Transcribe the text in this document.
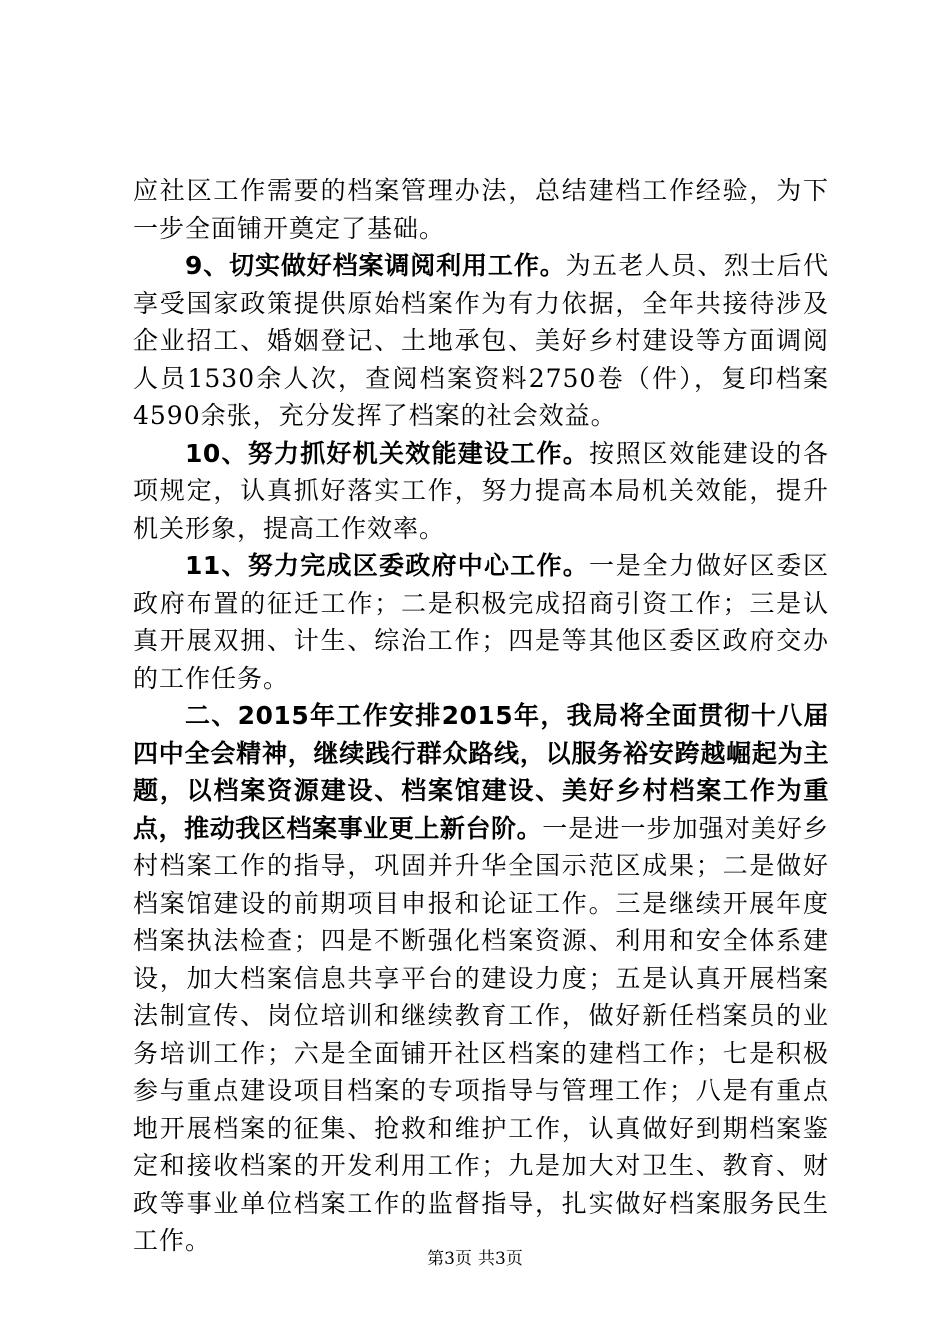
应社区工作需要的档案管理办法，总结建档工作经验，为下一步全面铺开奠定了基础。

9、切实做好档案调阅利用工作。为五老人员、烈士后代享受国家政策提供原始档案作为有力依据，全年共接待涉及企业招工、婚姻登记、土地承包、美好乡村建设等方面调阅人员1530余人次，查阅档案资料2750卷（件），复印档案4590余张，充分发挥了档案的社会效益。

10、努力抓好机关效能建设工作。按照区效能建设的各项规定，认真抓好落实工作，努力提高本局机关效能，提升机关形象，提高工作效率。

11、努力完成区委政府中心工作。一是全力做好区委区政府布置的征迁工作；二是积极完成招商引资工作；三是认真开展双拥、计生、综治工作；四是等其他区委区政府交办的工作任务。

二、2015年工作安排2015年，我局将全面贯彻十八届四中全会精神，继续践行群众路线，以服务裕安跨越崛起为主题，以档案资源建设、档案馆建设、美好乡村档案工作为重点，推动我区档案事业更上新台阶。一是进一步加强对美好乡村档案工作的指导，巩固并升华全国示范区成果；二是做好档案馆建设的前期项目申报和论证工作。三是继续开展年度档案执法检查；四是不断强化档案资源、利用和安全体系建设，加大档案信息共享平台的建设力度；五是认真开展档案法制宣传、岗位培训和继续教育工作，做好新任档案员的业务培训工作；六是全面铺开社区档案的建档工作；七是积极参与重点建设项目档案的专项指导与管理工作；八是有重点地开展档案的征集、抢救和维护工作，认真做好到期档案鉴定和接收档案的开发利用工作；九是加大对卫生、教育、财政等事业单位档案工作的监督指导，扎实做好档案服务民生工作。

第3页 共3页
